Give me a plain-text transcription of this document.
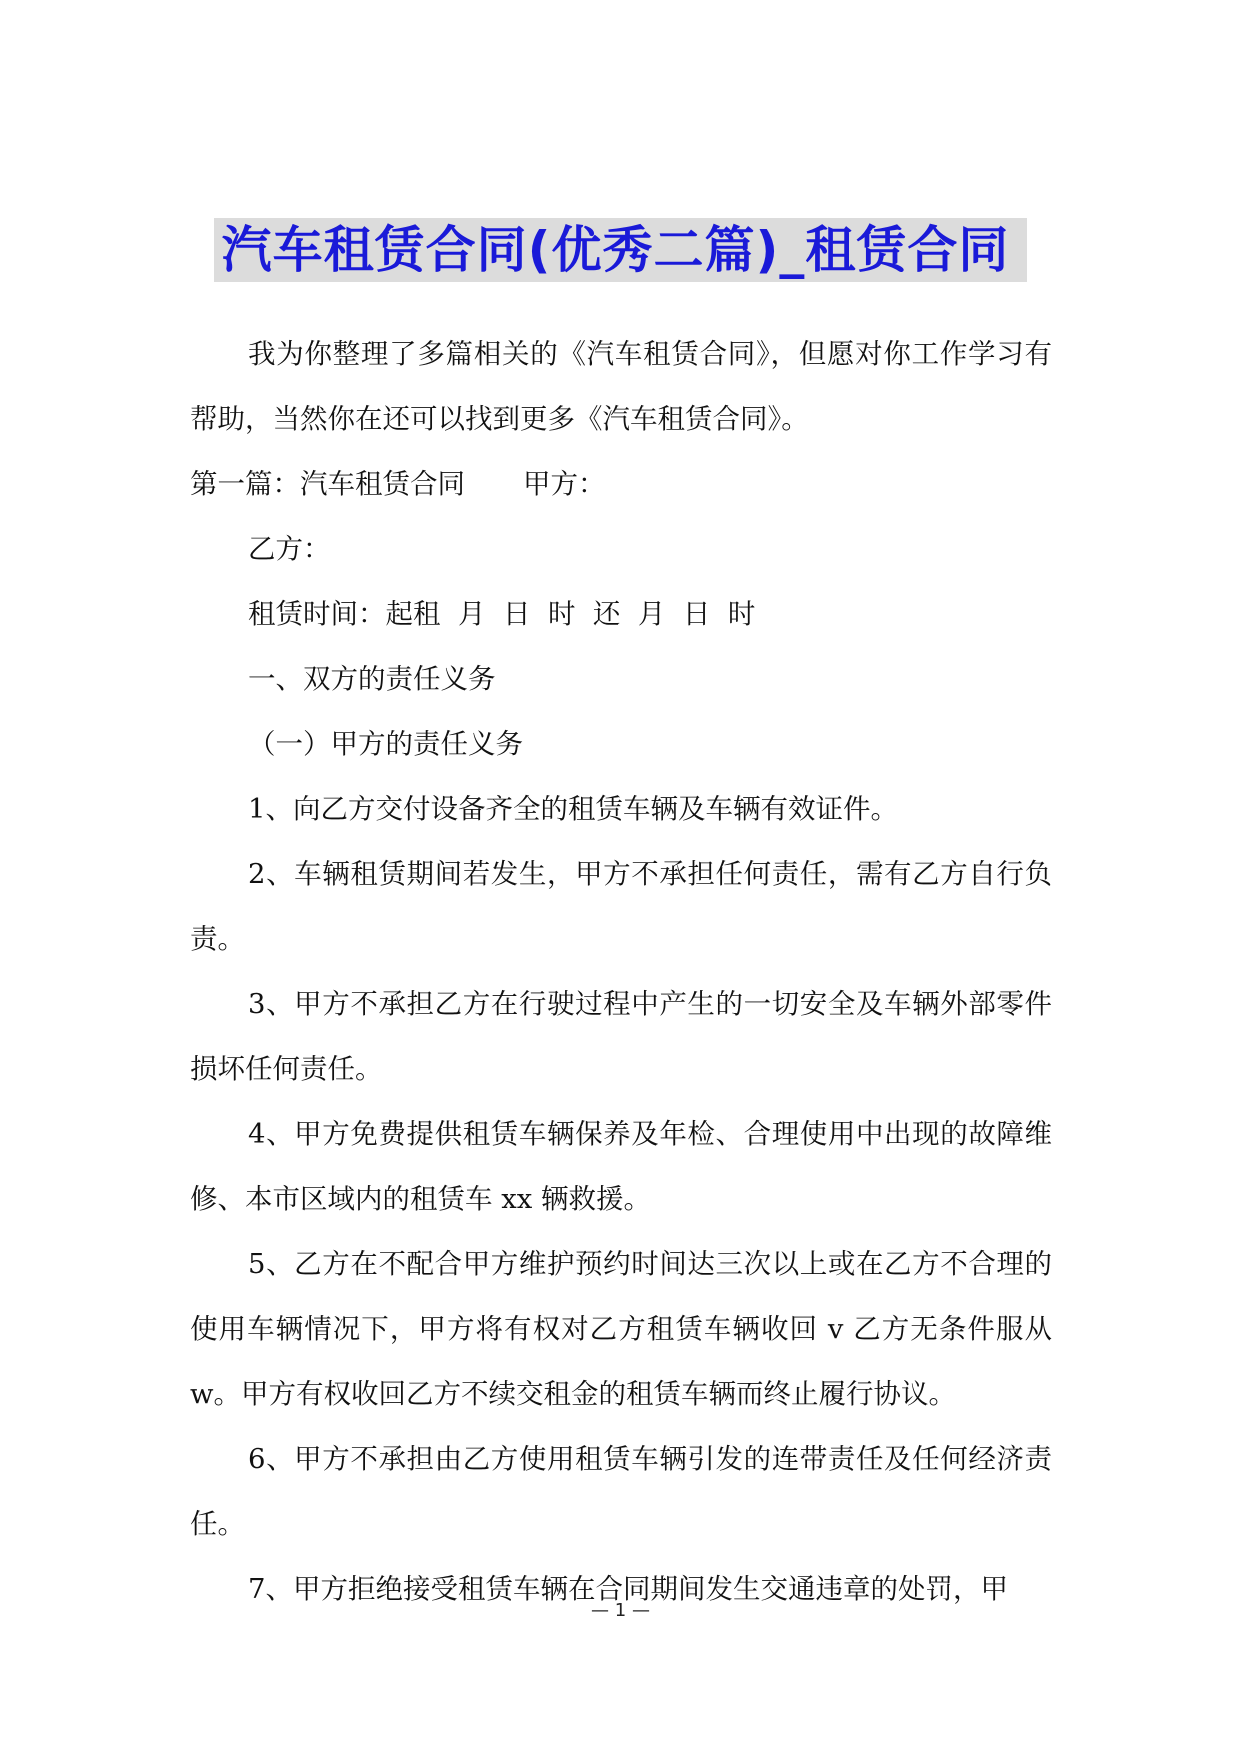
汽车租赁合同(优秀二篇)_租赁合同

我为你整理了多篇相关的《汽车租赁合同》，但愿对你工作学习有帮助，当然你在还可以找到更多《汽车租赁合同》。

第一篇：汽车租赁合同 甲方：

乙方：

租赁时间：起租  月  日  时  还  月  日  时

一、双方的责任义务

（一）甲方的责任义务

1、向乙方交付设备齐全的租赁车辆及车辆有效证件。

2、车辆租赁期间若发生，甲方不承担任何责任，需有乙方自行负责。

3、甲方不承担乙方在行驶过程中产生的一切安全及车辆外部零件损坏任何责任。

4、甲方免费提供租赁车辆保养及年检、合理使用中出现的故障维修、本市区域内的租赁车 xx 辆救援。

5、乙方在不配合甲方维护预约时间达三次以上或在乙方不合理的使用车辆情况下，甲方将有权对乙方租赁车辆收回 v 乙方无条件服从 w。甲方有权收回乙方不续交租金的租赁车辆而终止履行协议。

6、甲方不承担由乙方使用租赁车辆引发的连带责任及任何经济责任。

7、甲方拒绝接受租赁车辆在合同期间发生交通违章的处罚，甲

— 1 —
